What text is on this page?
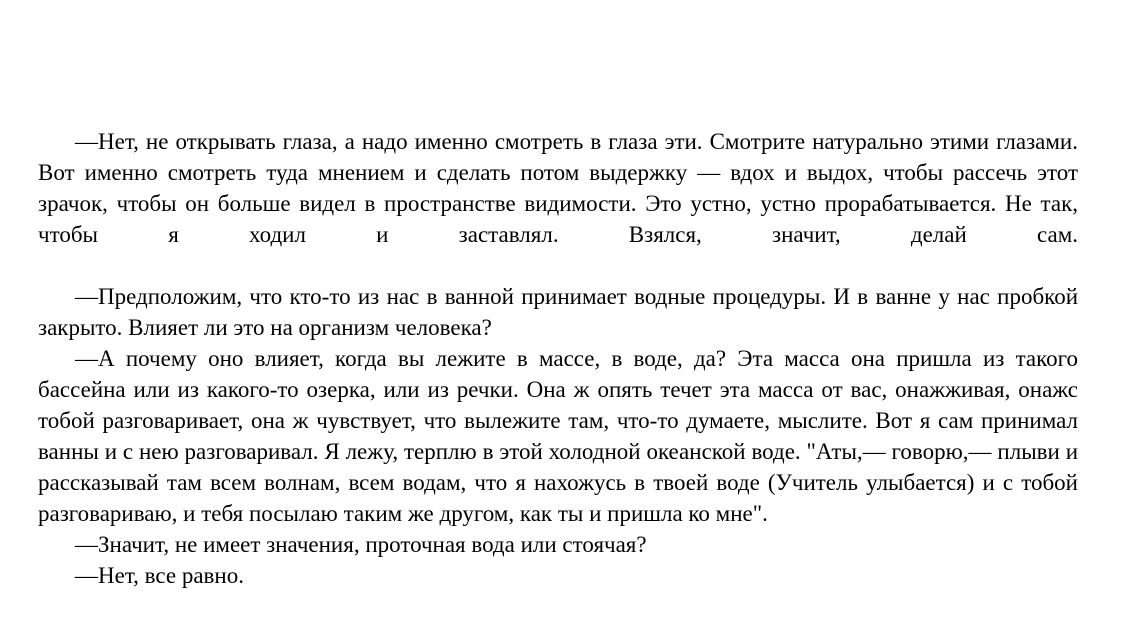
—Нет, не открывать глаза, а надо именно смотреть в глаза эти. Смотрите натурально этими глазами. Вот именно смотреть туда мнением и сделать потом выдержку — вдох и выдох, чтобы рассечь этот зрачок, чтобы он больше видел в пространстве видимости. Это устно, устно прорабатывается. Не так, чтобы я ходил и заставлял. Взялся, значит, делай сам.

—Предположим, что кто-то из нас в ванной принимает водные процедуры. И в ванне у нас пробкой закрыто. Влияет ли это на организм человека?

—А почему оно влияет, когда вы лежите в массе, в воде, да? Эта масса она пришла из такого бассейна или из какого-то озерка, или из речки. Она ж опять течет эта масса от вас, онажживая, онажс тобой разговаривает, она ж чувствует, что вылежите там, что-то думаете, мыслите. Вот я сам принимал ванны и с нею разговаривал. Я лежу, терплю в этой холодной океанской воде. "Аты,— говорю,— плыви и рассказывай там всем волнам, всем водам, что я нахожусь в твоей воде (Учитель улыбается) и с тобой разговариваю, и тебя посылаю таким же другом, как ты и пришла ко мне".

—Значит, не имеет значения, проточная вода или стоячая?

—Нет, все равно.
